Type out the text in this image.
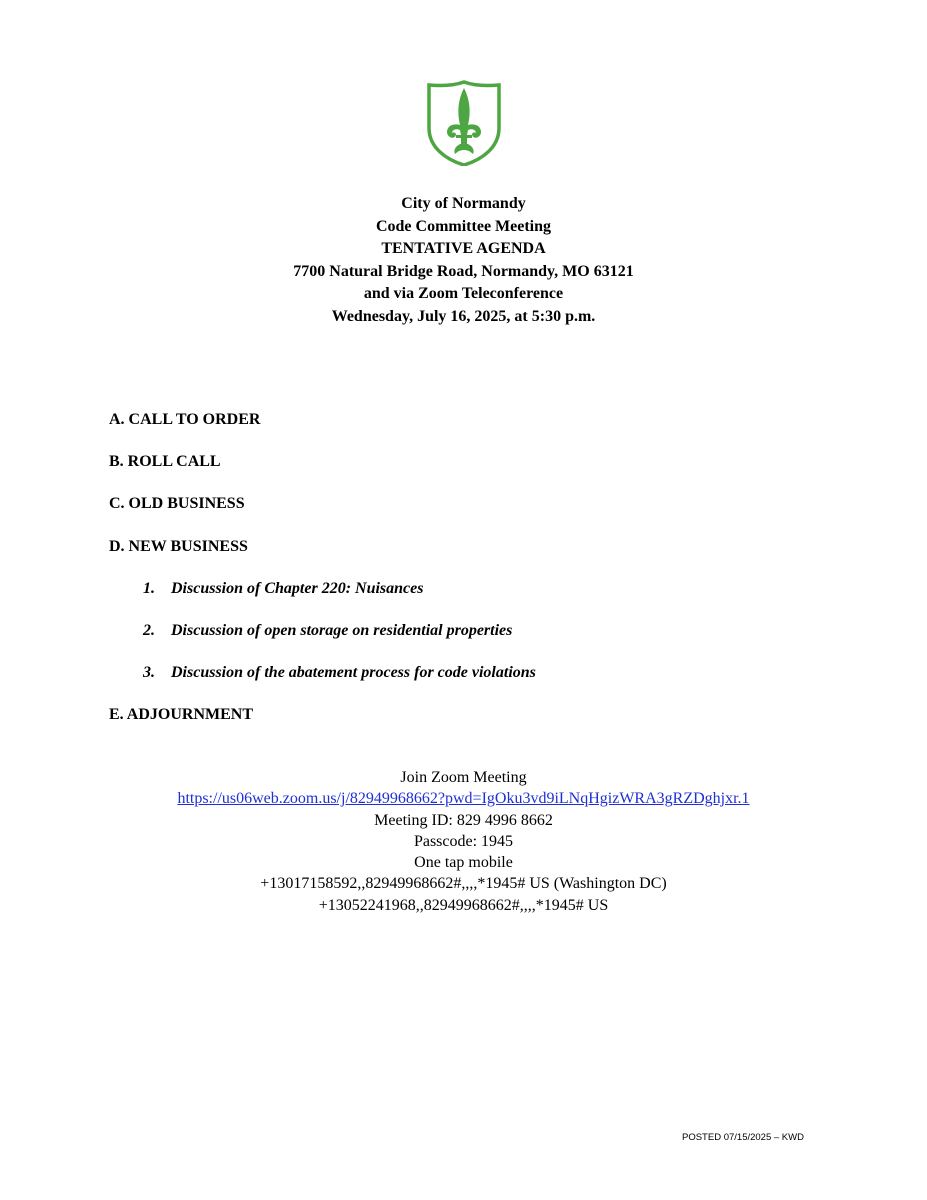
City of Normandy
Code Committee Meeting
TENTATIVE AGENDA
7700 Natural Bridge Road, Normandy, MO 63121
and via Zoom Teleconference
Wednesday, July 16, 2025, at 5:30 p.m.
A. CALL TO ORDER
B. ROLL CALL
C. OLD BUSINESS
D. NEW BUSINESS
1. Discussion of Chapter 220: Nuisances
2. Discussion of open storage on residential properties
3. Discussion of the abatement process for code violations
E. ADJOURNMENT
Join Zoom Meeting
https://us06web.zoom.us/j/82949968662?pwd=IgOku3vd9iLNqHgizWRA3gRZDghjxr.1
Meeting ID: 829 4996 8662
Passcode: 1945
One tap mobile
+13017158592,,82949968662#,,,,*1945# US (Washington DC)
+13052241968,,82949968662#,,,,*1945# US
POSTED 07/15/2025 – KWD
